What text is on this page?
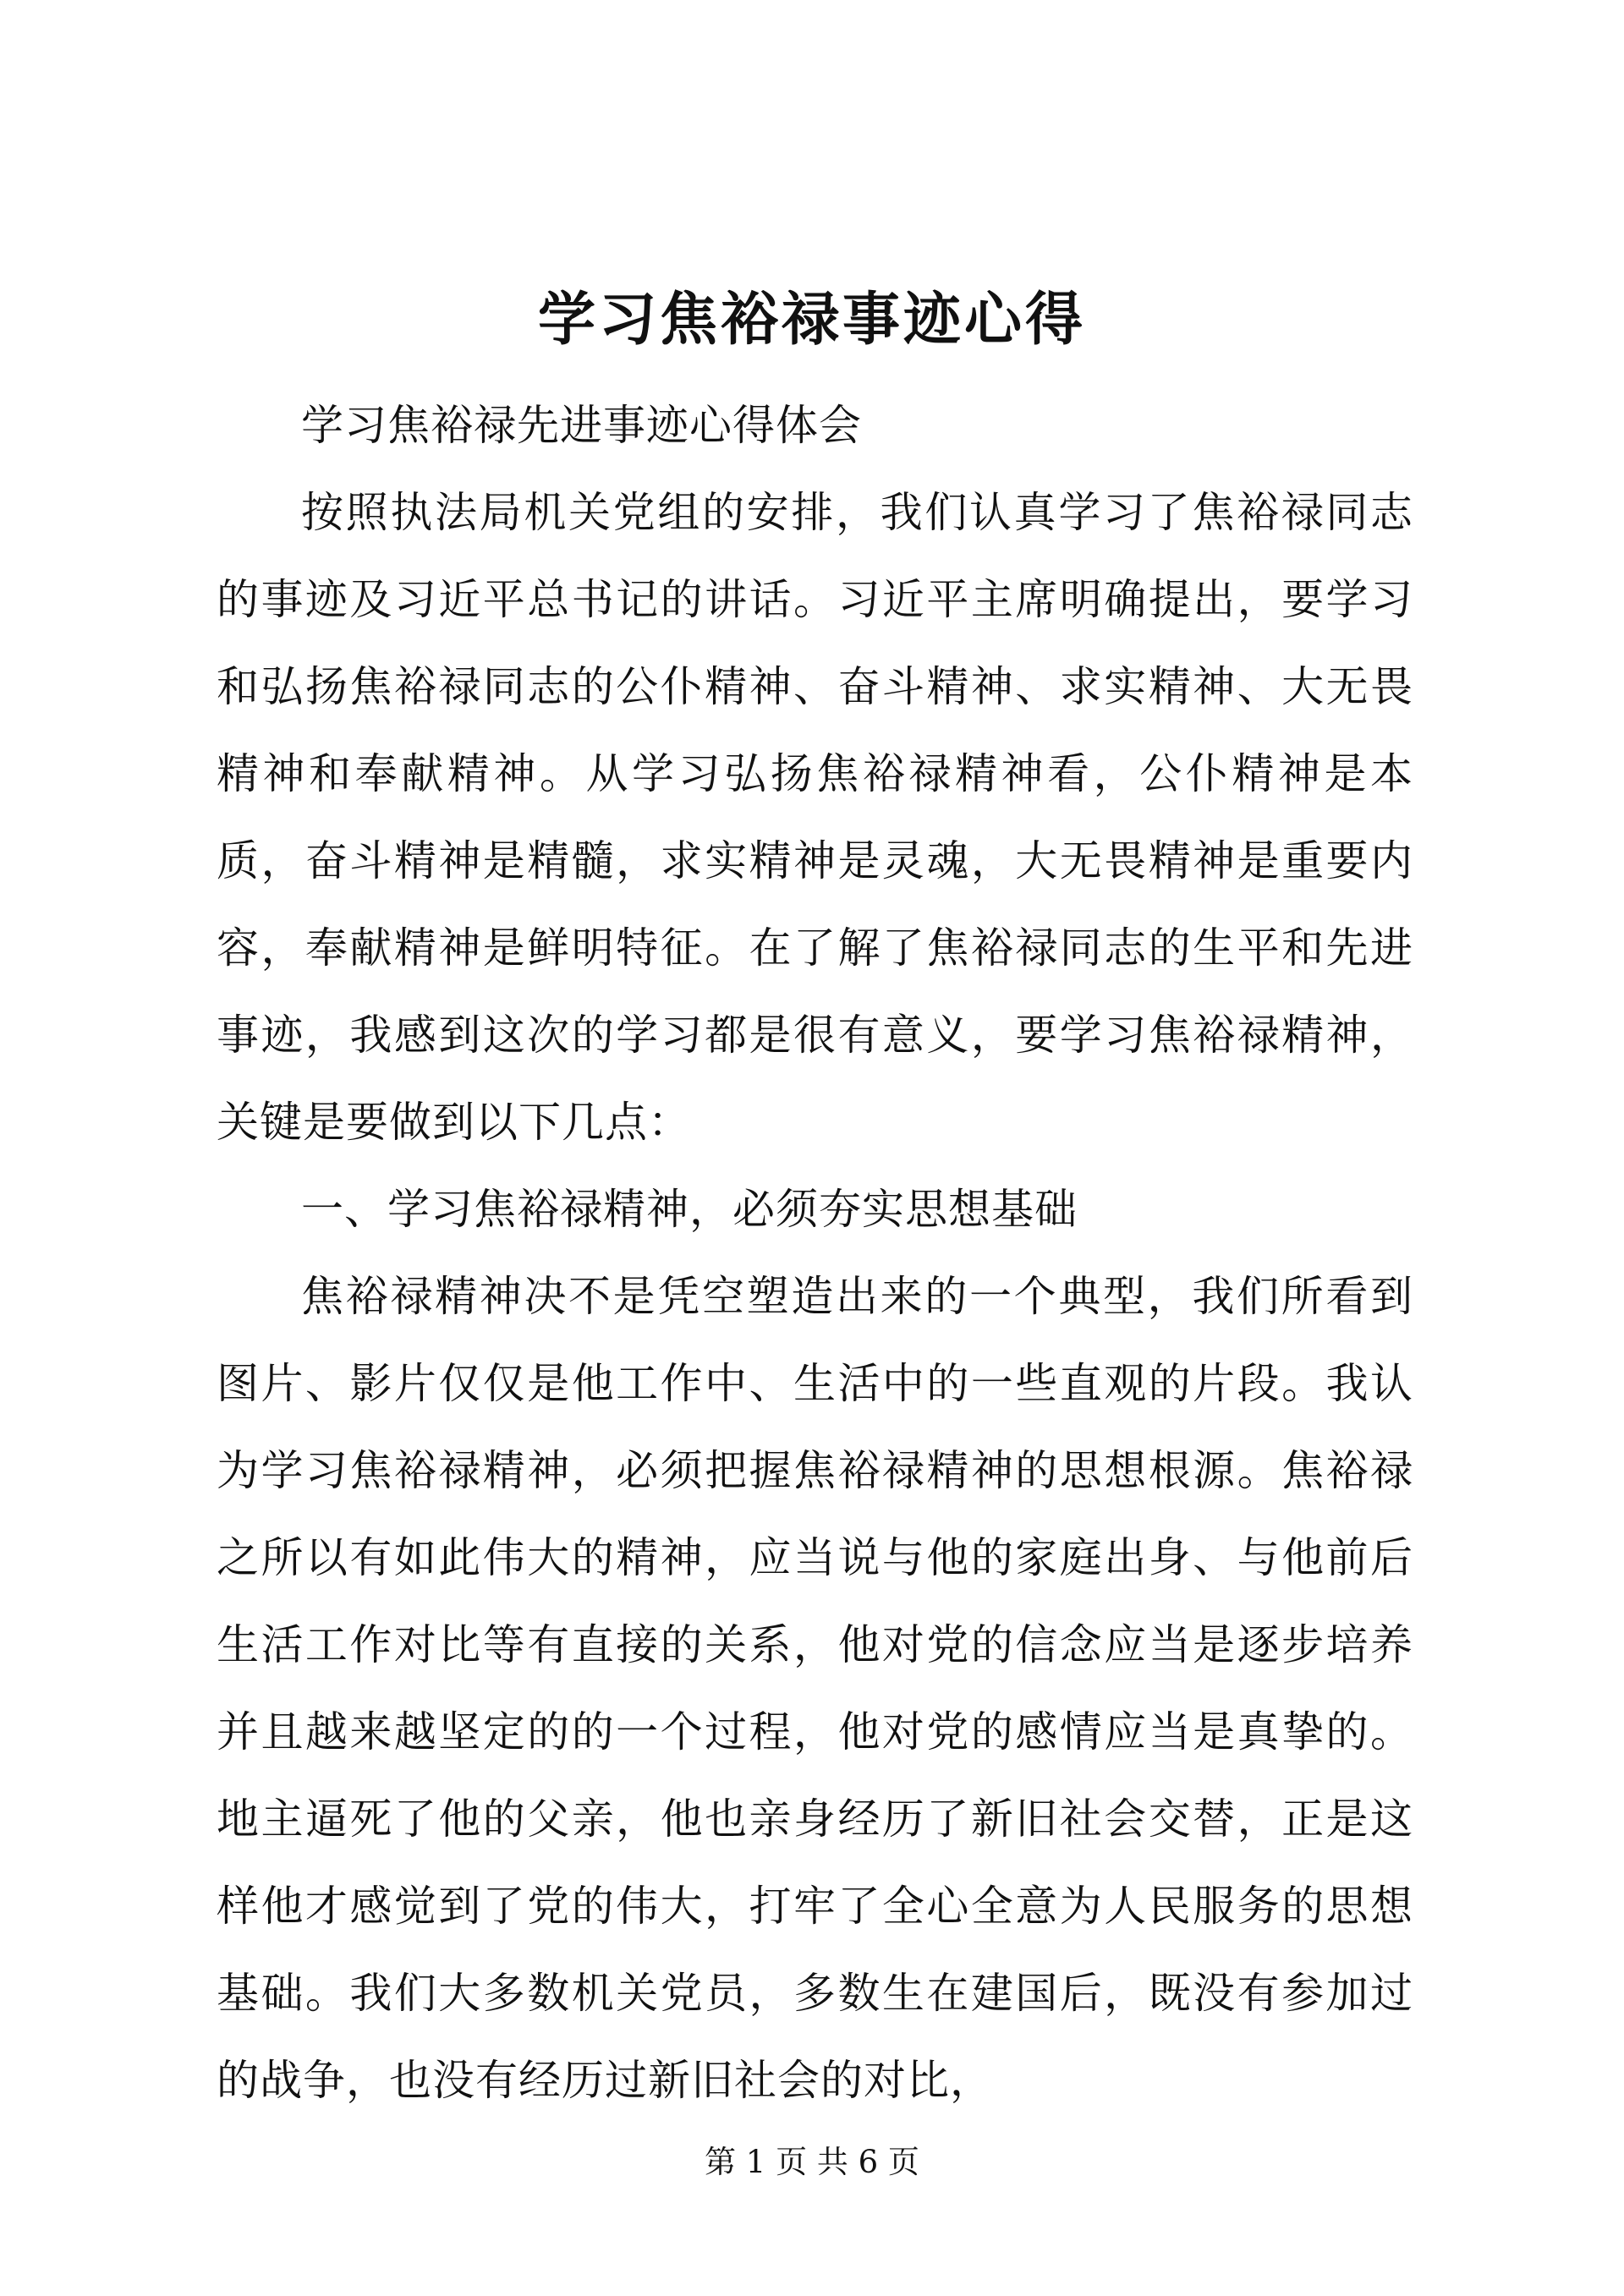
学习焦裕禄事迹心得

学习焦裕禄先进事迹心得体会

按照执法局机关党组的安排，我们认真学习了焦裕禄同志的事迹及习近平总书记的讲话。习近平主席明确提出，要学习和弘扬焦裕禄同志的公仆精神、奋斗精神、求实精神、大无畏精神和奉献精神。从学习弘扬焦裕禄精神看，公仆精神是本质，奋斗精神是精髓，求实精神是灵魂，大无畏精神是重要内容，奉献精神是鲜明特征。在了解了焦裕禄同志的生平和先进事迹，我感到这次的学习都是很有意义，要学习焦裕禄精神，关键是要做到以下几点：

一、学习焦裕禄精神，必须夯实思想基础

焦裕禄精神决不是凭空塑造出来的一个典型，我们所看到图片、影片仅仅是他工作中、生活中的一些直观的片段。我认为学习焦裕禄精神，必须把握焦裕禄精神的思想根源。焦裕禄之所以有如此伟大的精神，应当说与他的家庭出身、与他前后生活工作对比等有直接的关系，他对党的信念应当是逐步培养并且越来越坚定的的一个过程，他对党的感情应当是真挚的。地主逼死了他的父亲，他也亲身经历了新旧社会交替，正是这样他才感觉到了党的伟大，打牢了全心全意为人民服务的思想基础。我们大多数机关党员，多数生在建国后，既没有参加过的战争，也没有经历过新旧社会的对比，

第 1 页 共 6 页
